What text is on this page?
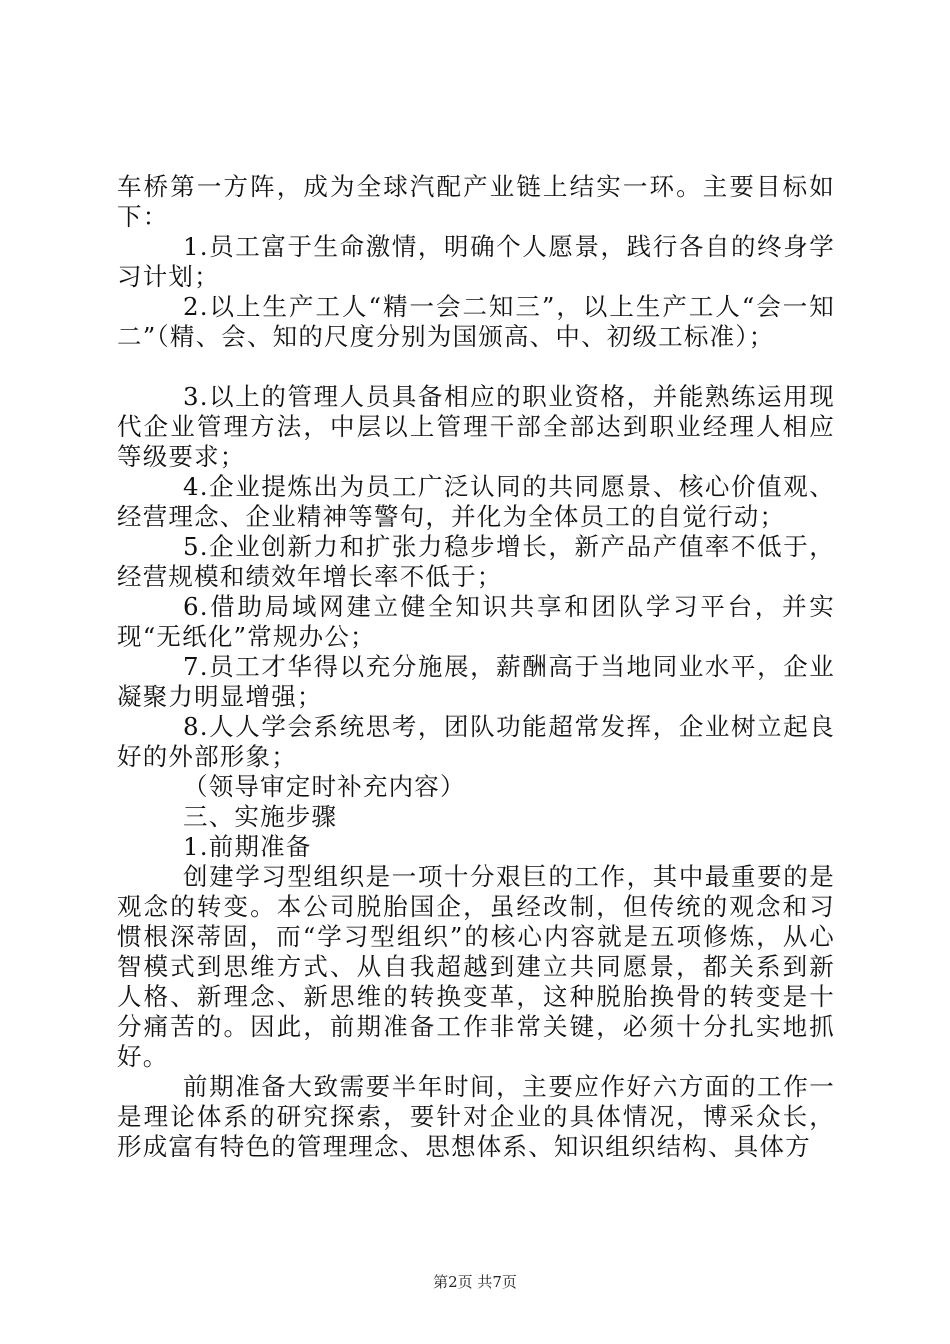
车桥第一方阵，成为全球汽配产业链上结实一环。主要目标如下：

1.员工富于生命激情，明确个人愿景，践行各自的终身学习计划；

2.以上生产工人“精一会二知三”，以上生产工人“会一知二”（精、会、知的尺度分别为国颁高、中、初级工标准）；

3.以上的管理人员具备相应的职业资格，并能熟练运用现代企业管理方法，中层以上管理干部全部达到职业经理人相应等级要求；

4.企业提炼出为员工广泛认同的共同愿景、核心价值观、经营理念、企业精神等警句，并化为全体员工的自觉行动；

5.企业创新力和扩张力稳步增长，新产品产值率不低于，经营规模和绩效年增长率不低于；

6.借助局域网建立健全知识共享和团队学习平台，并实现“无纸化”常规办公；

7.员工才华得以充分施展，薪酬高于当地同业水平，企业凝聚力明显增强；

8.人人学会系统思考，团队功能超常发挥，企业树立起良好的外部形象；

（领导审定时补充内容）

三、实施步骤

1.前期准备

创建学习型组织是一项十分艰巨的工作，其中最重要的是观念的转变。本公司脱胎国企，虽经改制，但传统的观念和习惯根深蒂固，而“学习型组织”的核心内容就是五项修炼，从心智模式到思维方式、从自我超越到建立共同愿景，都关系到新人格、新理念、新思维的转换变革，这种脱胎换骨的转变是十分痛苦的。因此，前期准备工作非常关键，必须十分扎实地抓好。

前期准备大致需要半年时间，主要应作好六方面的工作一是理论体系的研究探索，要针对企业的具体情况，博采众长，形成富有特色的管理理念、思想体系、知识组织结构、具体方

第2页 共7页
